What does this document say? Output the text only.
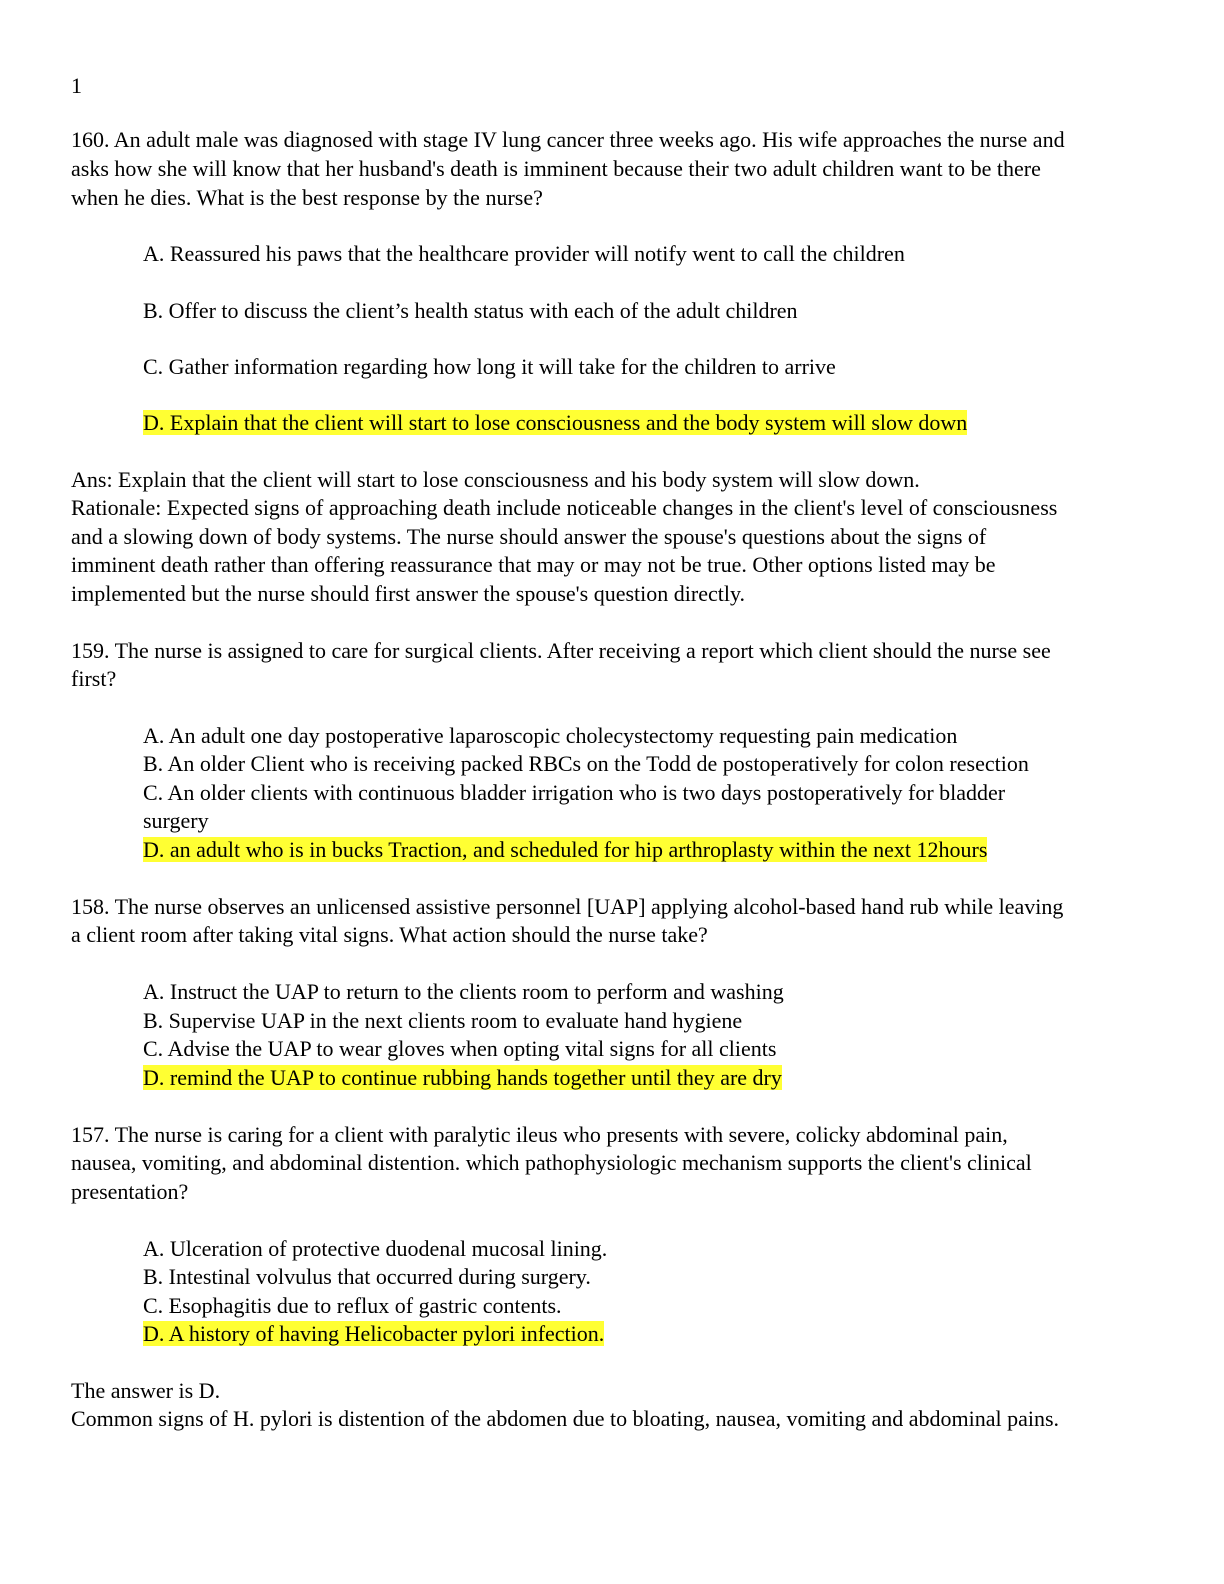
1
160. An adult male was diagnosed with stage IV lung cancer three weeks ago. His wife approaches the nurse and
asks how she will know that her husband's death is imminent because their two adult children want to be there
when he dies. What is the best response by the nurse?
A. Reassured his paws that the healthcare provider will notify went to call the children
B. Offer to discuss the client’s health status with each of the adult children
C. Gather information regarding how long it will take for the children to arrive
D. Explain that the client will start to lose consciousness and the body system will slow down
Ans: Explain that the client will start to lose consciousness and his body system will slow down.
Rationale: Expected signs of approaching death include noticeable changes in the client's level of consciousness
and a slowing down of body systems. The nurse should answer the spouse's questions about the signs of
imminent death rather than offering reassurance that may or may not be true. Other options listed may be
implemented but the nurse should first answer the spouse's question directly.
159. The nurse is assigned to care for surgical clients. After receiving a report which client should the nurse see
first?
A. An adult one day postoperative laparoscopic cholecystectomy requesting pain medication
B. An older Client who is receiving packed RBCs on the Todd de postoperatively for colon resection
C. An older clients with continuous bladder irrigation who is two days postoperatively for bladder
surgery
D. an adult who is in bucks Traction, and scheduled for hip arthroplasty within the next 12hours
158. The nurse observes an unlicensed assistive personnel [UAP] applying alcohol-based hand rub while leaving
a client room after taking vital signs. What action should the nurse take?
A. Instruct the UAP to return to the clients room to perform and washing
B. Supervise UAP in the next clients room to evaluate hand hygiene
C. Advise the UAP to wear gloves when opting vital signs for all clients
D. remind the UAP to continue rubbing hands together until they are dry
157. The nurse is caring for a client with paralytic ileus who presents with severe, colicky abdominal pain,
nausea, vomiting, and abdominal distention. which pathophysiologic mechanism supports the client's clinical
presentation?
A. Ulceration of protective duodenal mucosal lining.
B. Intestinal volvulus that occurred during surgery.
C. Esophagitis due to reflux of gastric contents.
D. A history of having Helicobacter pylori infection.
The answer is D.
Common signs of H. pylori is distention of the abdomen due to bloating, nausea, vomiting and abdominal pains.
